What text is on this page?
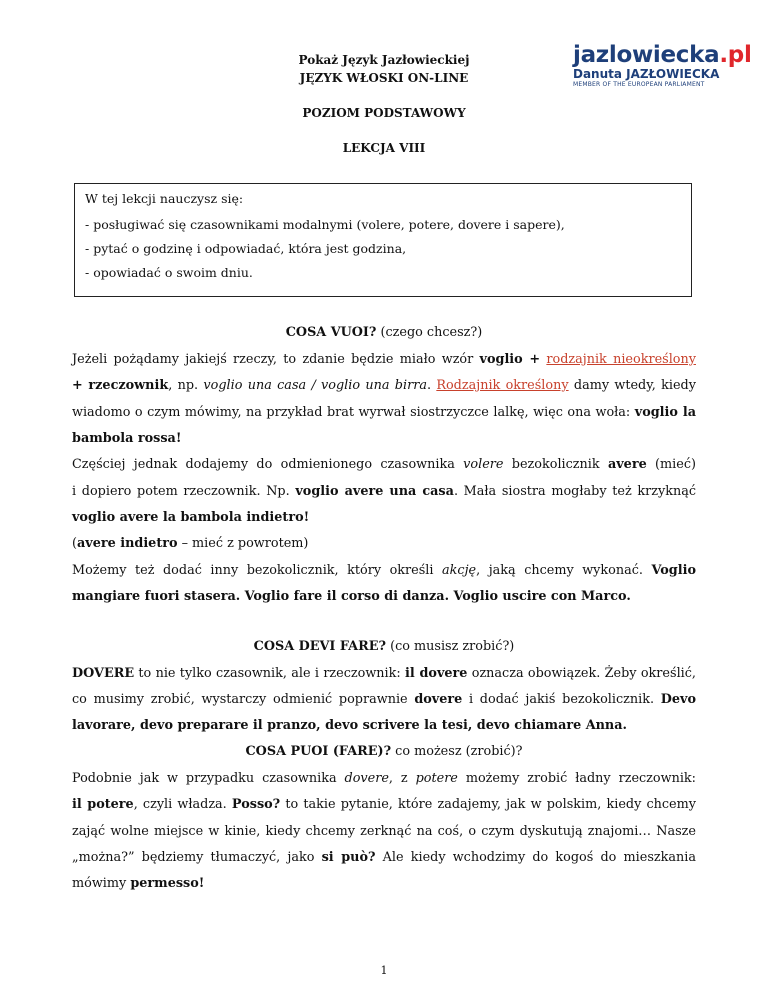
Pokaż Język Jazłowieckiej
JĘZYK WŁOSKI ON-LINE
POZIOM PODSTAWOWY
LEKCJA VIII
jazlowiecka.pl
Danuta JAZŁOWIECKA
MEMBER OF THE EUROPEAN PARLIAMENT
W tej lekcji nauczysz się:
- posługiwać się czasownikami modalnymi (volere, potere, dovere i sapere),
- pytać o godzinę i odpowiadać, która jest godzina,
- opowiadać o swoim dniu.
COSA VUOI? (czego chcesz?)
Jeżeli pożądamy jakiejś rzeczy, to zdanie będzie miało wzór voglio + rodzajnik nieokreślony
+ rzeczownik, np. voglio una casa / voglio una birra. Rodzajnik określony damy wtedy, kiedy
wiadomo o czym mówimy, na przykład brat wyrwał siostrzyczce lalkę, więc ona woła: voglio la
bambola rossa!
Częściej jednak dodajemy do odmienionego czasownika volere bezokolicznik avere (mieć)
i dopiero potem rzeczownik. Np. voglio avere una casa. Mała siostra mogłaby też krzyknąć
voglio avere la bambola indietro!
(avere indietro – mieć z powrotem)
Możemy też dodać inny bezokolicznik, który określi akcję, jaką chcemy wykonać. Voglio
mangiare fuori stasera. Voglio fare il corso di danza. Voglio uscire con Marco.
COSA DEVI FARE? (co musisz zrobić?)
DOVERE to nie tylko czasownik, ale i rzeczownik: il dovere oznacza obowiązek. Żeby określić,
co musimy zrobić, wystarczy odmienić poprawnie dovere i dodać jakiś bezokolicznik. Devo
lavorare, devo preparare il pranzo, devo scrivere la tesi, devo chiamare Anna.
COSA PUOI (FARE)? co możesz (zrobić)?
Podobnie jak w przypadku czasownika dovere, z potere możemy zrobić ładny rzeczownik:
il potere, czyli władza. Posso? to takie pytanie, które zadajemy, jak w polskim, kiedy chcemy
zająć wolne miejsce w kinie, kiedy chcemy zerknąć na coś, o czym dyskutują znajomi… Nasze
„można?” będziemy tłumaczyć, jako si può? Ale kiedy wchodzimy do kogoś do mieszkania
mówimy permesso!
1
